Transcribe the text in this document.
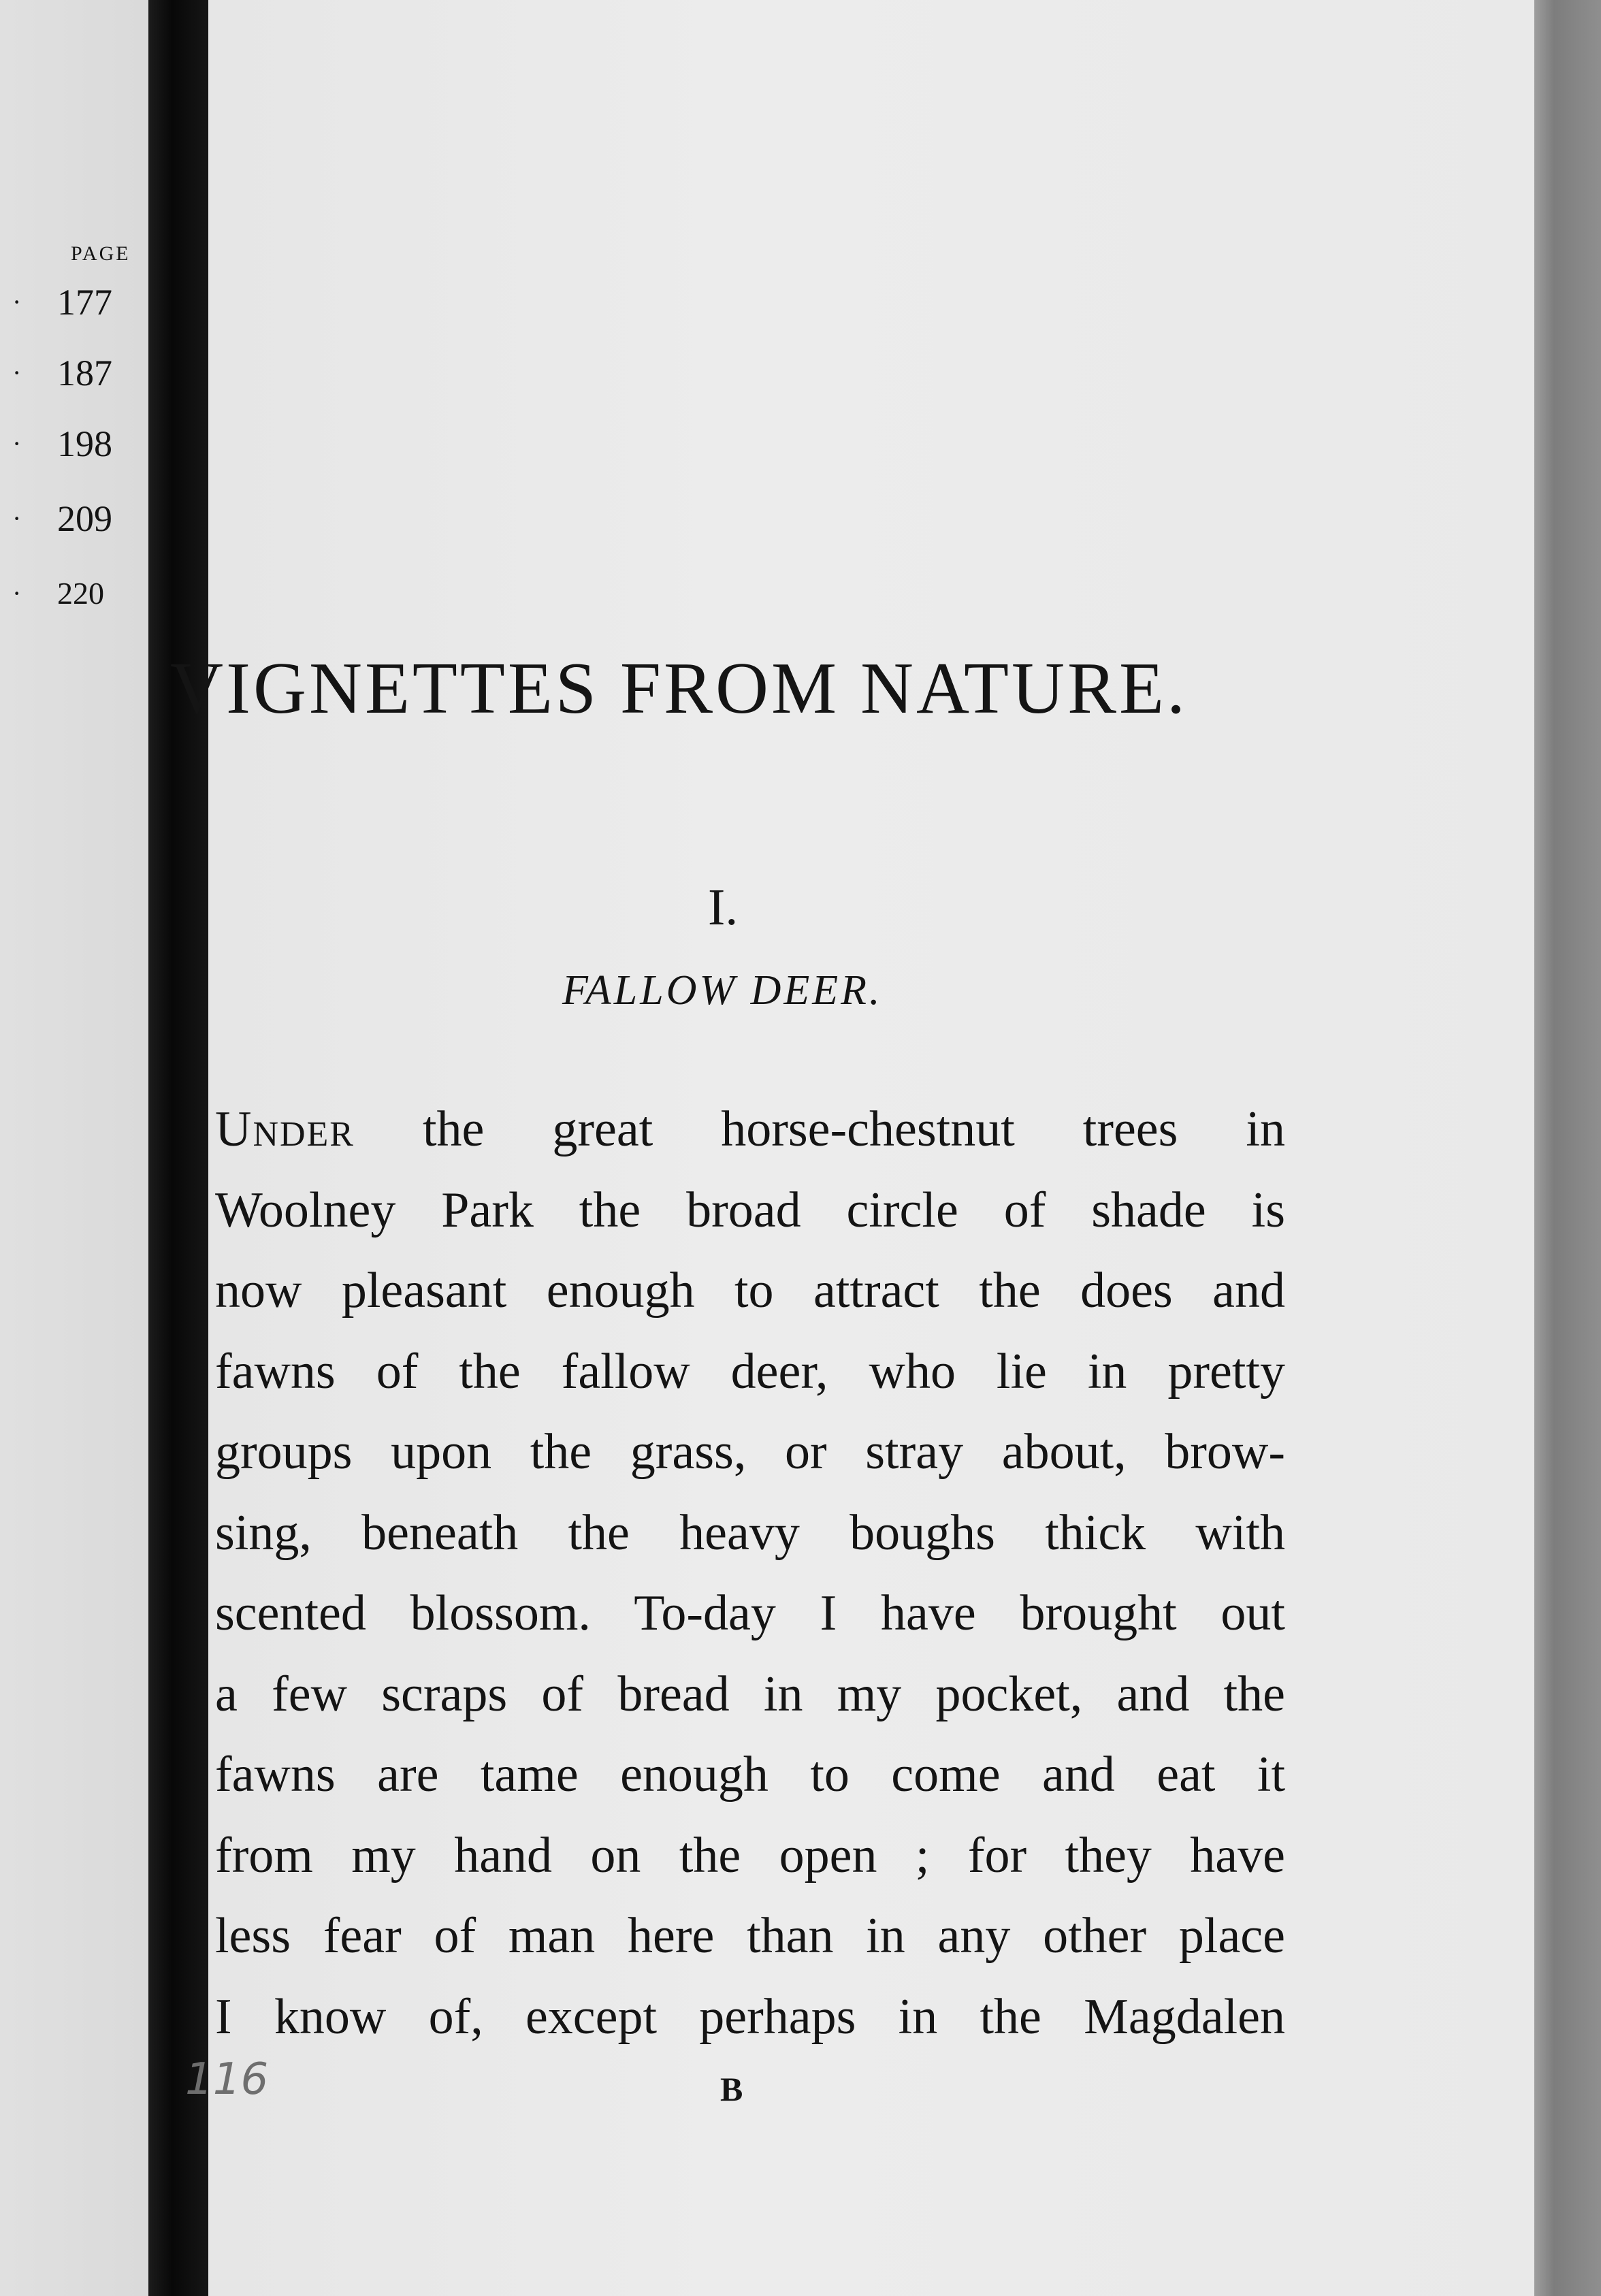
PAGE
· 177
· 187
· 198
· 209
· 220
VIGNETTES FROM NATURE.
I.
FALLOW DEER.
Under the great horse-chestnut trees in
Woolney Park the broad circle of shade is
now pleasant enough to attract the does and
fawns of the fallow deer, who lie in pretty
groups upon the grass, or stray about, brow-
sing, beneath the heavy boughs thick with
scented blossom. To-day I have brought out
a few scraps of bread in my pocket, and the
fawns are tame enough to come and eat it
from my hand on the open ; for they have
less fear of man here than in any other place
I know of, except perhaps in the Magdalen
116	B
